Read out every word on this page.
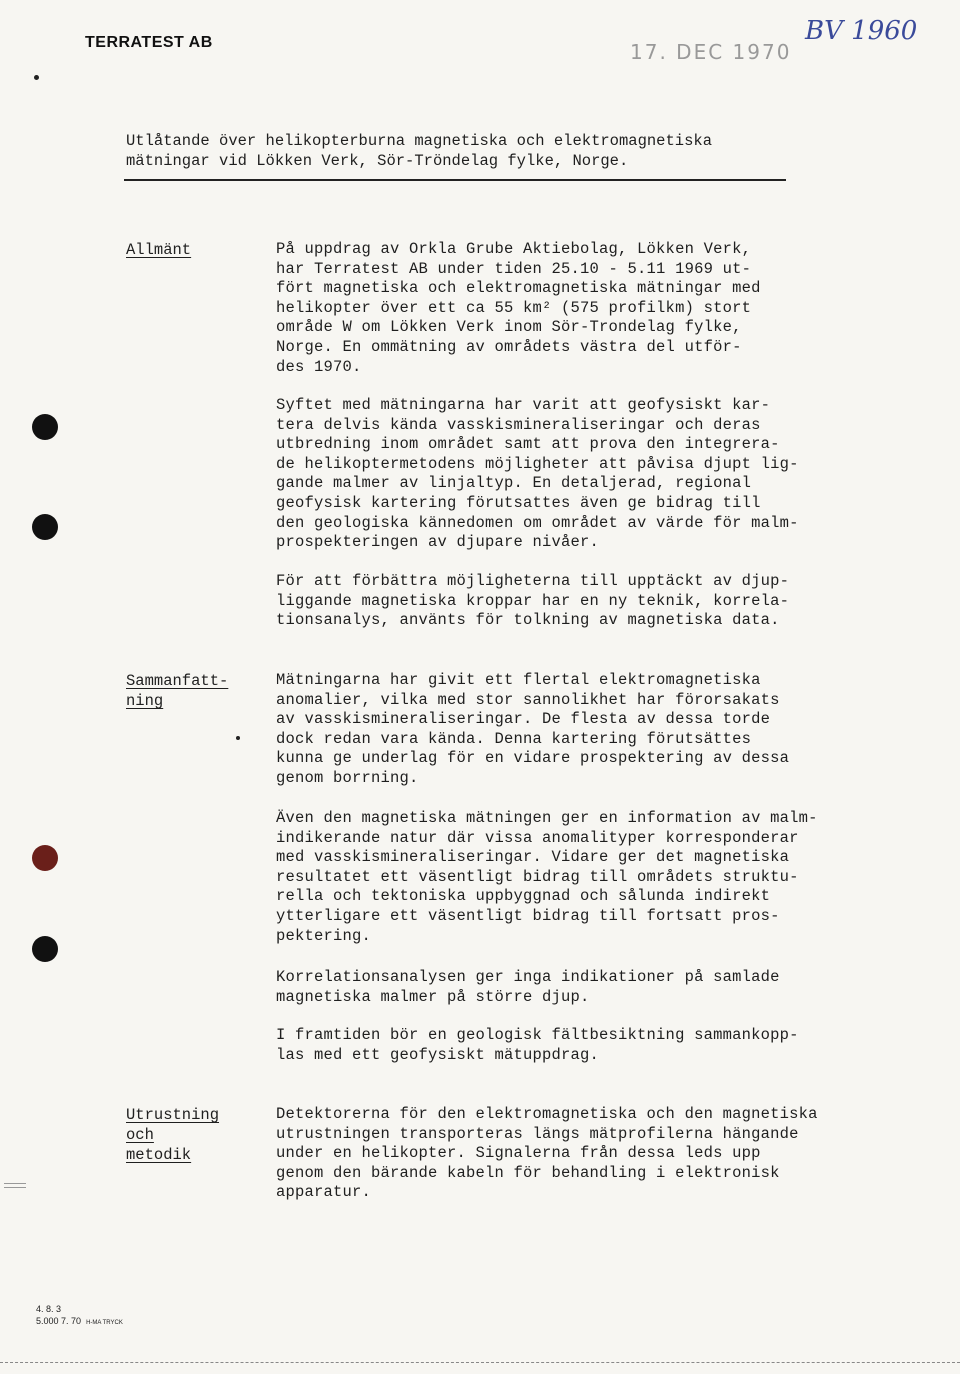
TERRATEST AB	17. DEC 1970
BV 1960

Utlåtande över helikopterburna magnetiska och elektromagnetiska

mätningar vid Lökken Verk, Sör-Tröndelag fylke, Norge.

Allmänt	På uppdrag av Orkla Grube Aktiebolag, Lökken Verk,

har Terratest AB under tiden 25.10 - 5.11 1969 ut-

fört magnetiska och elektromagnetiska mätningar med

helikopter över ett ca 55 km² (575 profilkm) stort

område W om Lökken Verk inom Sör-Trondelag fylke,

Norge. En ommätning av områdets västra del utför-

des 1970.

Syftet med mätningarna har varit att geofysiskt kar-

tera delvis kända vasskismineraliseringar och deras

utbredning inom området samt att prova den integrera-

de helikoptermetodens möjligheter att påvisa djupt lig-

gande malmer av linjaltyp. En detaljerad, regional

geofysisk kartering förutsattes även ge bidrag till

den geologiska kännedomen om området av värde för malm-

prospekteringen av djupare nivåer.

För att förbättra möjligheterna till upptäckt av djup-

liggande magnetiska kroppar har en ny teknik, korrela-

tionsanalys, använts för tolkning av magnetiska data.

Sammanfatt-

ning

Mätningarna har givit ett flertal elektromagnetiska

anomalier, vilka med stor sannolikhet har förorsakats

av vasskismineraliseringar. De flesta av dessa torde

dock redan vara kända. Denna kartering förutsättes

kunna ge underlag för en vidare prospektering av dessa

genom borrning.

Även den magnetiska mätningen ger en information av malm-

indikerande natur där vissa anomalityper korresponderar

med vasskismineraliseringar. Vidare ger det magnetiska

resultatet ett väsentligt bidrag till områdets struktu-

rella och tektoniska uppbyggnad och sålunda indirekt

ytterligare ett väsentligt bidrag till fortsatt pros-

pektering.

Korrelationsanalysen ger inga indikationer på samlade

magnetiska malmer på större djup.

I framtiden bör en geologisk fältbesiktning sammankopp-

las med ett geofysiskt mätuppdrag.

Utrustning

och

metodik

Detektorerna för den elektromagnetiska och den magnetiska

utrustningen transporteras längs mätprofilerna hängande

under en helikopter. Signalerna från dessa leds upp

genom den bärande kabeln för behandling i elektronisk

apparatur.

4. 8. 3

5.000 7. 70 H-MA TRYCK
